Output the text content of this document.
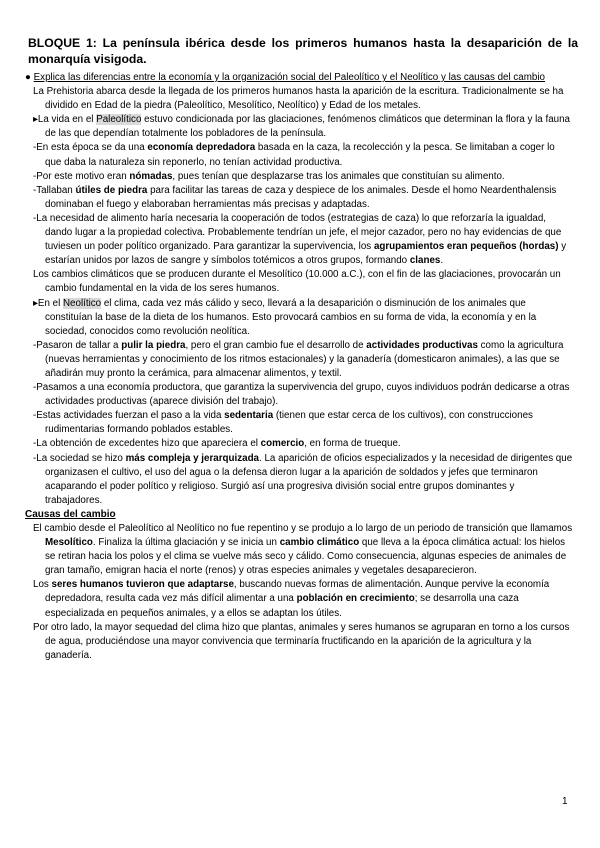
BLOQUE 1: La península ibérica desde los primeros humanos hasta la desaparición de la monarquía visigoda.

● Explica las diferencias entre la economía y la organización social del Paleolítico y el Neolítico y las causas del cambio

La Prehistoria abarca desde la llegada de los primeros humanos hasta la aparición de la escritura. Tradicionalmente se ha dividido en Edad de la piedra (Paleolítico, Mesolítico, Neolítico) y Edad de los metales.

▸La vida en el Paleolítico estuvo condicionada por las glaciaciones, fenómenos climáticos que determinan la flora y la fauna de las que dependían totalmente los pobladores de la península.

-En esta época se da una economía depredadora basada en la caza, la recolección y la pesca. Se limitaban a coger lo que daba la naturaleza sin reponerlo, no tenían actividad productiva.

-Por este motivo eran nómadas, pues tenían que desplazarse tras los animales que constituían su alimento.

-Tallaban útiles de piedra para facilitar las tareas de caza y despiece de los animales. Desde el homo Neardenthalensis dominaban el fuego y elaboraban herramientas más precisas y adaptadas.

-La necesidad de alimento haría necesaria la cooperación de todos (estrategias de caza) lo que reforzaría la igualdad, dando lugar a la propiedad colectiva. Probablemente tendrían un jefe, el mejor cazador, pero no hay evidencias de que tuviesen un poder político organizado. Para garantizar la supervivencia, los agrupamientos eran pequeños (hordas) y estarían unidos por lazos de sangre y símbolos totémicos a otros grupos, formando clanes.

Los cambios climáticos que se producen durante el Mesolítico (10.000 a.C.), con el fin de las glaciaciones, provocarán un cambio fundamental en la vida de los seres humanos.

▸En el Neolítico el clima, cada vez más cálido y seco, llevará a la desaparición o disminución de los animales que constituían la base de la dieta de los humanos. Esto provocará cambios en su forma de vida, la economía y en la sociedad, conocidos como revolución neolítica.

-Pasaron de tallar a pulir la piedra, pero el gran cambio fue el desarrollo de actividades productivas como la agricultura (nuevas herramientas y conocimiento de los ritmos estacionales) y la ganadería (domesticaron animales), a las que se añadirán muy pronto la cerámica, para almacenar alimentos, y textil.

-Pasamos a una economía productora, que garantiza la supervivencia del grupo, cuyos individuos podrán dedicarse a otras actividades productivas (aparece división del trabajo).

-Estas actividades fuerzan el paso a la vida sedentaria (tienen que estar cerca de los cultivos), con construcciones rudimentarias formando poblados estables.

-La obtención de excedentes hizo que apareciera el comercio, en forma de trueque.

-La sociedad se hizo más compleja y jerarquizada. La aparición de oficios especializados y la necesidad de dirigentes que organizasen el cultivo, el uso del agua o la defensa dieron lugar a la aparición de soldados y jefes que terminaron acaparando el poder político y religioso. Surgió así una progresiva división social entre grupos dominantes y trabajadores.

Causas del cambio

El cambio desde el Paleolítico al Neolítico no fue repentino y se produjo a lo largo de un periodo de transición que llamamos Mesolítico. Finaliza la última glaciación y se inicia un cambio climático que lleva a la época climática actual: los hielos se retiran hacia los polos y el clima se vuelve más seco y cálido. Como consecuencia, algunas especies de animales de gran tamaño, emigran hacia el norte (renos) y otras especies animales y vegetales desaparecieron.

Los seres humanos tuvieron que adaptarse, buscando nuevas formas de alimentación. Aunque pervive la economía depredadora, resulta cada vez más difícil alimentar a una población en crecimiento; se desarrolla una caza especializada en pequeños animales, y a ellos se adaptan los útiles.

Por otro lado, la mayor sequedad del clima hizo que plantas, animales y seres humanos se agruparan en torno a los cursos de agua, produciéndose una mayor convivencia que terminaría fructificando en la aparición de la agricultura y la ganadería.

1
